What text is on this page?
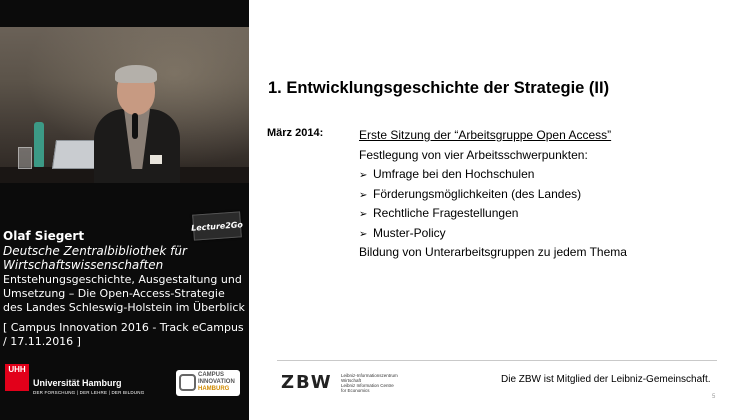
Lecture2Go
Olaf Siegert
Deutsche Zentralbibliothek für Wirtschaftswissenschaften
Entstehungsgeschichte, Ausgestaltung und Umsetzung – Die Open-Access-Strategie des Landes Schleswig-Holstein im Überblick
[ Campus Innovation 2016 - Track eCampus / 17.11.2016 ]
UHH
Universität Hamburg
DER FORSCHUNG | DER LEHRE | DER BILDUNG
CAMPUS
INNOVATION
HAMBURG
1. Entwicklungsgeschichte der Strategie (II)
März 2014:	Erste Sitzung der “Arbeitsgruppe Open Access”
Festlegung von vier Arbeitsschwerpunkten:
➢ Umfrage bei den Hochschulen
➢ Förderungsmöglichkeiten (des Landes)
➢ Rechtliche Fragestellungen
➢ Muster-Policy
Bildung von Unterarbeitsgruppen zu jedem Thema
ZBW Leibniz-Informationszentrum
Wirtschaft
Leibniz Information Centre
for Economics
Die ZBW ist Mitglied der Leibniz-Gemeinschaft.
5
